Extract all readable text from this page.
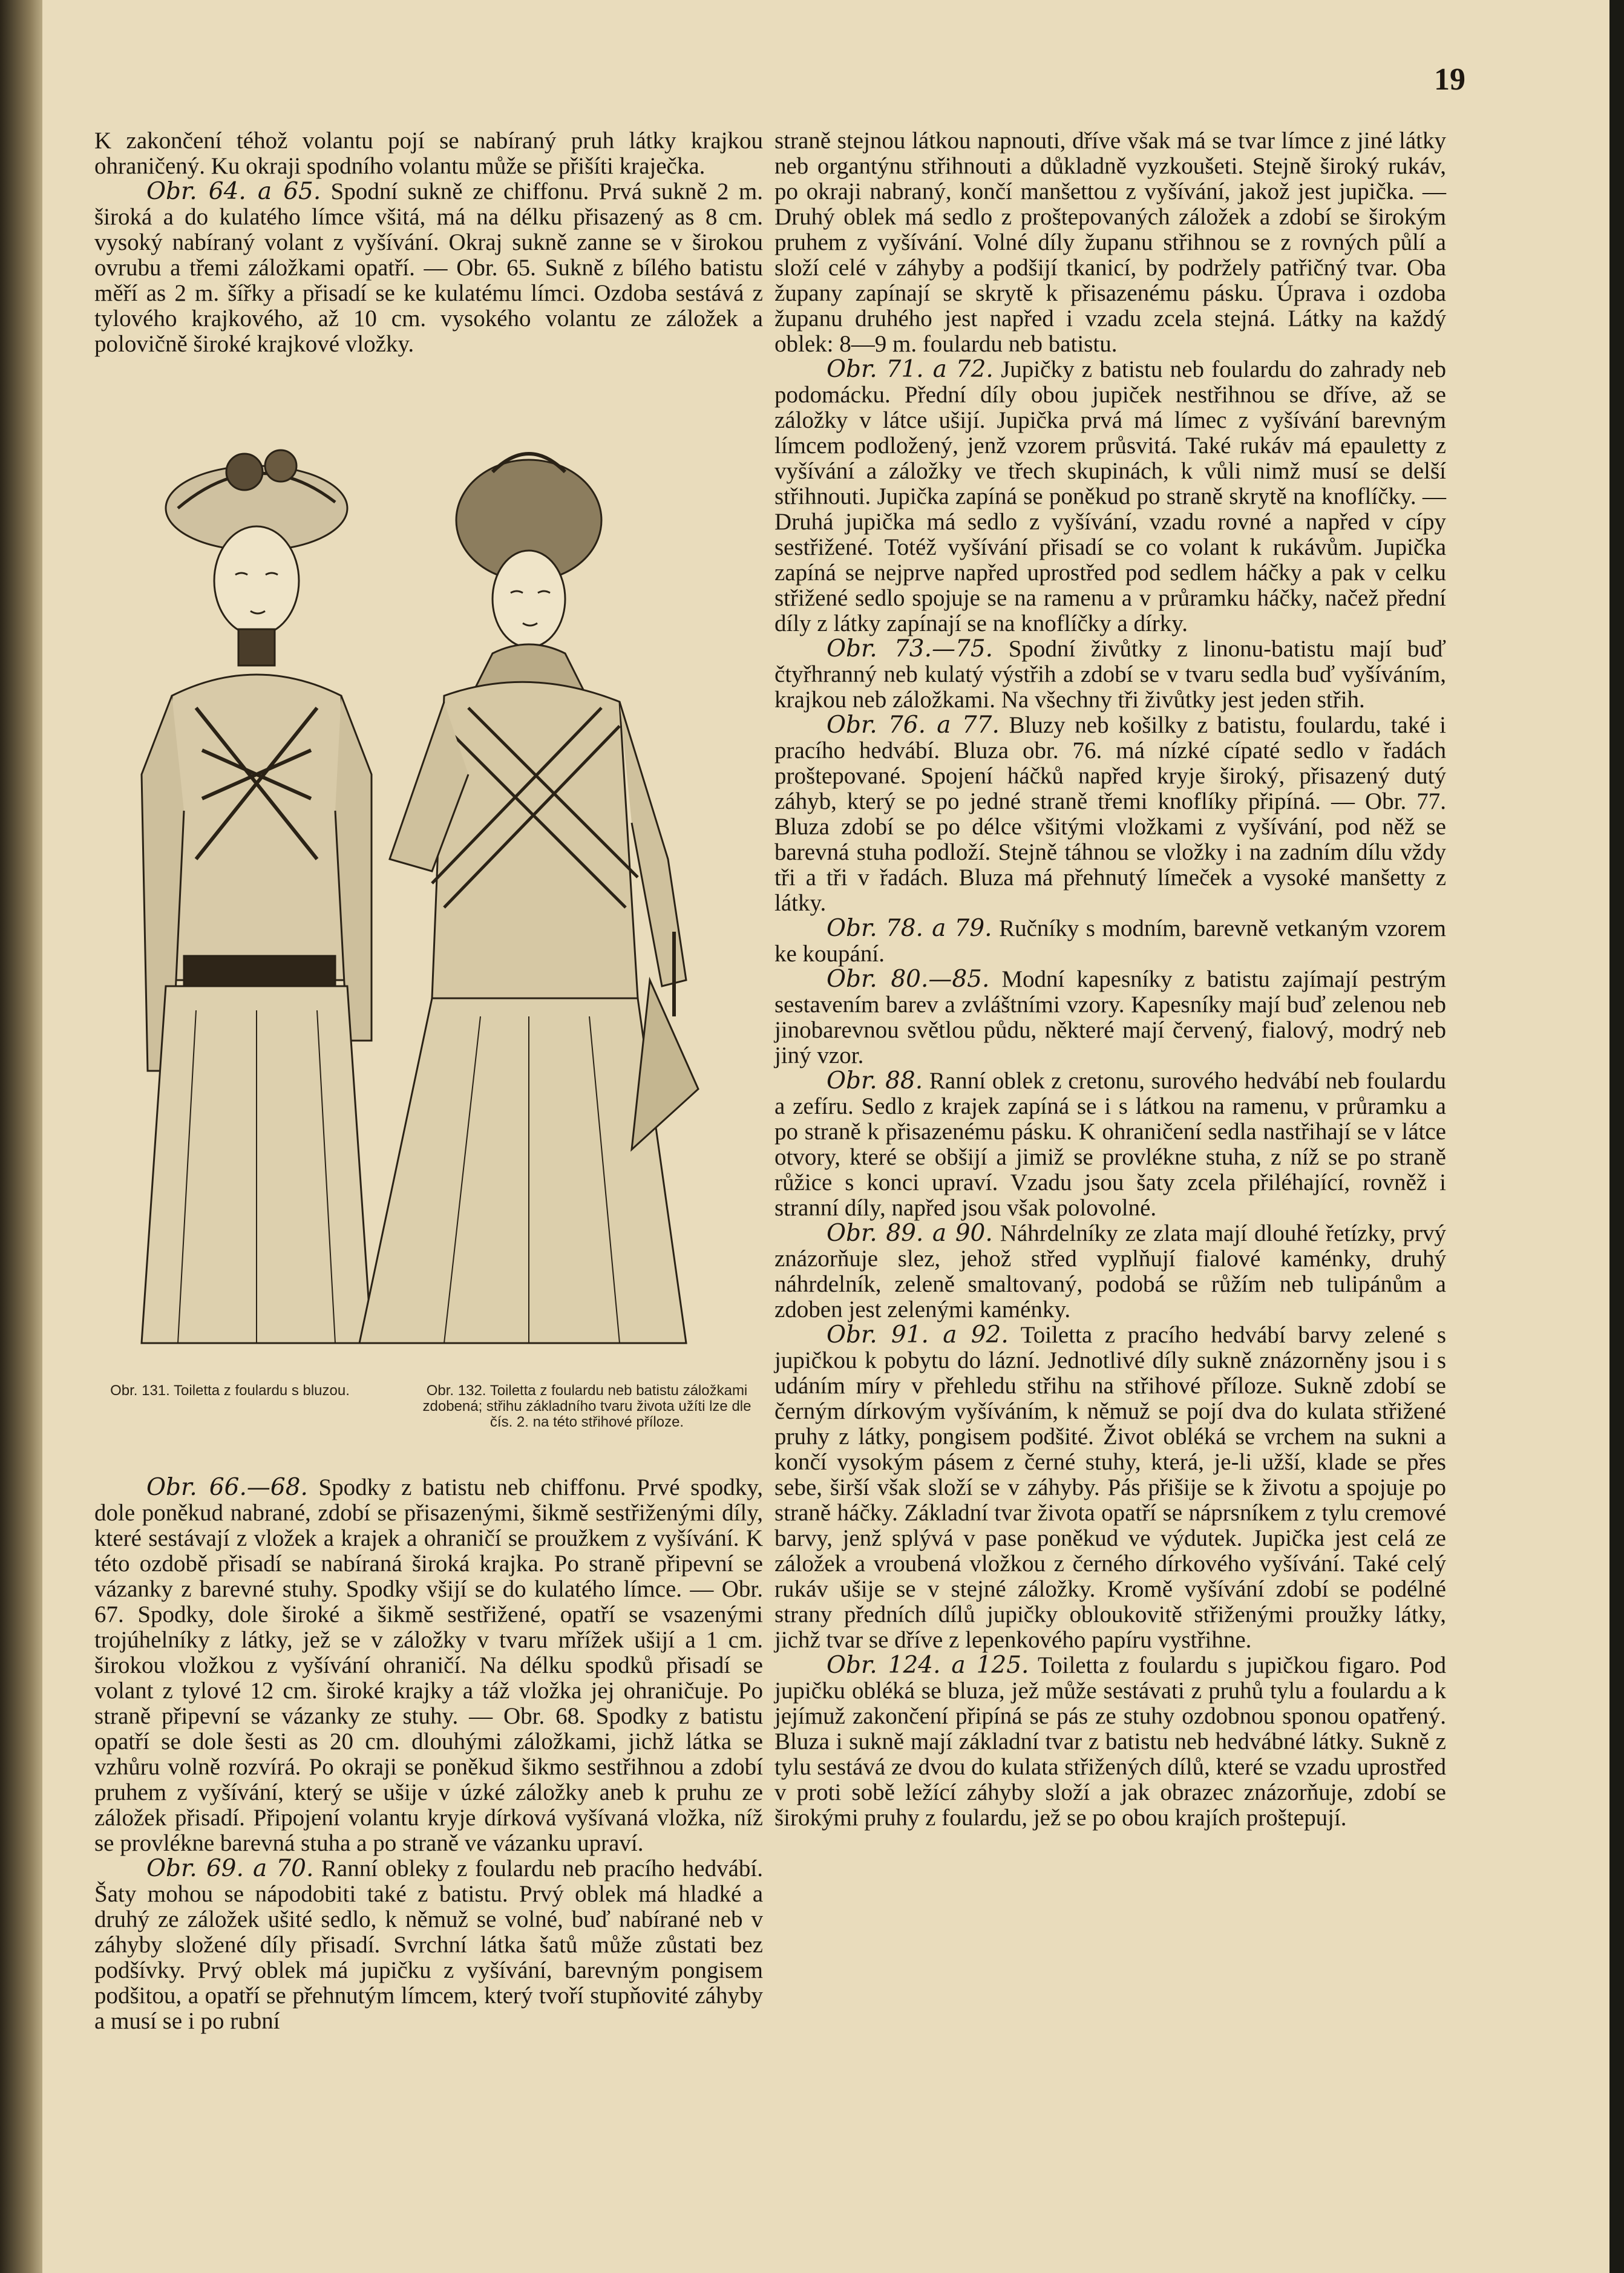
19

K zakončení téhož volantu pojí se nabíraný pruh látky krajkou ohraničený. Ku okraji spodního volantu může se přišíti kraječka.

Obr. 64. a 65. Spodní sukně ze chiffonu. Prvá sukně 2 m. široká a do kulatého límce všitá, má na délku přisazený as 8 cm. vysoký nabíraný volant z vyšívání. Okraj sukně zanne se v širokou ovrubu a třemi záložkami opatří. — Obr. 65. Sukně z bílého batistu měří as 2 m. šířky a přisadí se ke kulatému límci. Ozdoba sestává z tylového krajkového, až 10 cm. vysokého volantu ze záložek a polovičně široké krajkové vložky.

Obr. 131. Toiletta z foulardu s bluzou.	Obr. 132. Toiletta z foulardu neb batistu záložkami zdobená; střihu základního tvaru života užíti lze dle čís. 2. na této střihové příloze.

Obr. 66.—68. Spodky z batistu neb chiffonu. Prvé spodky, dole poněkud nabrané, zdobí se přisazenými, šikmě sestřiženými díly, které sestávají z vložek a krajek a ohraničí se proužkem z vyšívání. K této ozdobě přisadí se nabíraná široká krajka. Po straně připevní se vázanky z barevné stuhy. Spodky všijí se do kulatého límce. — Obr. 67. Spodky, dole široké a šikmě sestřižené, opatří se vsazenými trojúhelníky z látky, jež se v záložky v tvaru mřížek ušijí a 1 cm. širokou vložkou z vyšívání ohraničí. Na délku spodků přisadí se volant z tylové 12 cm. široké krajky a táž vložka jej ohraničuje. Po straně připevní se vázanky ze stuhy. — Obr. 68. Spodky z batistu opatří se dole šesti as 20 cm. dlouhými záložkami, jichž látka se vzhůru volně rozvírá. Po okraji se poněkud šikmo sestřihnou a zdobí pruhem z vyšívání, který se ušije v úzké záložky aneb k pruhu ze záložek přisadí. Připojení volantu kryje dírková vyšívaná vložka, níž se provlékne barevná stuha a po straně ve vázanku upraví.

Obr. 69. a 70. Ranní obleky z foulardu neb pracího hedvábí. Šaty mohou se nápodobiti také z batistu. Prvý oblek má hladké a druhý ze záložek ušité sedlo, k němuž se volné, buď nabírané neb v záhyby složené díly přisadí. Svrchní látka šatů může zůstati bez podšívky. Prvý oblek má jupičku z vyšívání, barevným pongisem podšitou, a opatří se přehnutým límcem, který tvoří stupňovité záhyby a musí se i po rubní

straně stejnou látkou napnouti, dříve však má se tvar límce z jiné látky neb organtýnu střihnouti a důkladně vyzkoušeti. Stejně široký rukáv, po okraji nabraný, končí manšettou z vyšívání, jakož jest jupička. — Druhý oblek má sedlo z proštepovaných záložek a zdobí se širokým pruhem z vyšívání. Volné díly županu střihnou se z rovných půlí a složí celé v záhyby a podšijí tkanicí, by podržely patřičný tvar. Oba župany zapínají se skrytě k přisazenému pásku. Úprava i ozdoba županu druhého jest napřed i vzadu zcela stejná. Látky na každý oblek: 8—9 m. foulardu neb batistu.

Obr. 71. a 72. Jupičky z batistu neb foulardu do zahrady neb podomácku. Přední díly obou jupiček nestřihnou se dříve, až se záložky v látce ušijí. Jupička prvá má límec z vyšívání barevným límcem podložený, jenž vzorem průsvitá. Také rukáv má epauletty z vyšívání a záložky ve třech skupinách, k vůli nimž musí se delší střihnouti. Jupička zapíná se poněkud po straně skrytě na knoflíčky. — Druhá jupička má sedlo z vyšívání, vzadu rovné a napřed v cípy sestřižené. Totéž vyšívání přisadí se co volant k rukávům. Jupička zapíná se nejprve napřed uprostřed pod sedlem háčky a pak v celku střižené sedlo spojuje se na ramenu a v průramku háčky, načež přední díly z látky zapínají se na knoflíčky a dírky.

Obr. 73.—75. Spodní živůtky z linonu-batistu mají buď čtyřhranný neb kulatý výstřih a zdobí se v tvaru sedla buď vyšíváním, krajkou neb záložkami. Na všechny tři živůtky jest jeden střih.

Obr. 76. a 77. Bluzy neb košilky z batistu, foulardu, také i pracího hedvábí. Bluza obr. 76. má nízké cípaté sedlo v řadách proštepované. Spojení háčků napřed kryje široký, přisazený dutý záhyb, který se po jedné straně třemi knoflíky připíná. — Obr. 77. Bluza zdobí se po délce všitými vložkami z vyšívání, pod něž se barevná stuha podloží. Stejně táhnou se vložky i na zadním dílu vždy tři a tři v řadách. Bluza má přehnutý límeček a vysoké manšetty z látky.

Obr. 78. a 79. Ručníky s modním, barevně vetkaným vzorem ke koupání.

Obr. 80.—85. Modní kapesníky z batistu zajímají pestrým sestavením barev a zvláštními vzory. Kapesníky mají buď zelenou neb jinobarevnou světlou půdu, některé mají červený, fialový, modrý neb jiný vzor.

Obr. 88. Ranní oblek z cretonu, surového hedvábí neb foulardu a zefíru. Sedlo z krajek zapíná se i s látkou na ramenu, v průramku a po straně k přisazenému pásku. K ohraničení sedla nastřihají se v látce otvory, které se obšijí a jimiž se provlékne stuha, z níž se po straně růžice s konci upraví. Vzadu jsou šaty zcela přiléhající, rovněž i stranní díly, napřed jsou však polovolné.

Obr. 89. a 90. Náhrdelníky ze zlata mají dlouhé řetízky, prvý znázorňuje slez, jehož střed vyplňují fialové kaménky, druhý náhrdelník, zeleně smaltovaný, podobá se růžím neb tulipánům a zdoben jest zelenými kaménky.

Obr. 91. a 92. Toiletta z pracího hedvábí barvy zelené s jupičkou k pobytu do lázní. Jednotlivé díly sukně znázorněny jsou i s udáním míry v přehledu střihu na střihové příloze. Sukně zdobí se černým dírkovým vyšíváním, k němuž se pojí dva do kulata střižené pruhy z látky, pongisem podšité. Život obléká se vrchem na sukni a končí vysokým pásem z černé stuhy, která, je-li užší, klade se přes sebe, širší však složí se v záhyby. Pás přišije se k životu a spojuje po straně háčky. Základní tvar života opatří se náprsníkem z tylu cremové barvy, jenž splývá v pase poněkud ve výdutek. Jupička jest celá ze záložek a vroubená vložkou z černého dírkového vyšívání. Také celý rukáv ušije se v stejné záložky. Kromě vyšívání zdobí se podélné strany předních dílů jupičky obloukovitě střiženými proužky látky, jichž tvar se dříve z lepenkového papíru vystřihne.

Obr. 124. a 125. Toiletta z foulardu s jupičkou figaro. Pod jupičku obléká se bluza, jež může sestávati z pruhů tylu a foulardu a k jejímuž zakončení připíná se pás ze stuhy ozdobnou sponou opatřený. Bluza i sukně mají základní tvar z batistu neb hedvábné látky. Sukně z tylu sestává ze dvou do kulata střižených dílů, které se vzadu uprostřed v proti sobě ležící záhyby složí a jak obrazec znázorňuje, zdobí se širokými pruhy z foulardu, jež se po obou krajích proštepují.
